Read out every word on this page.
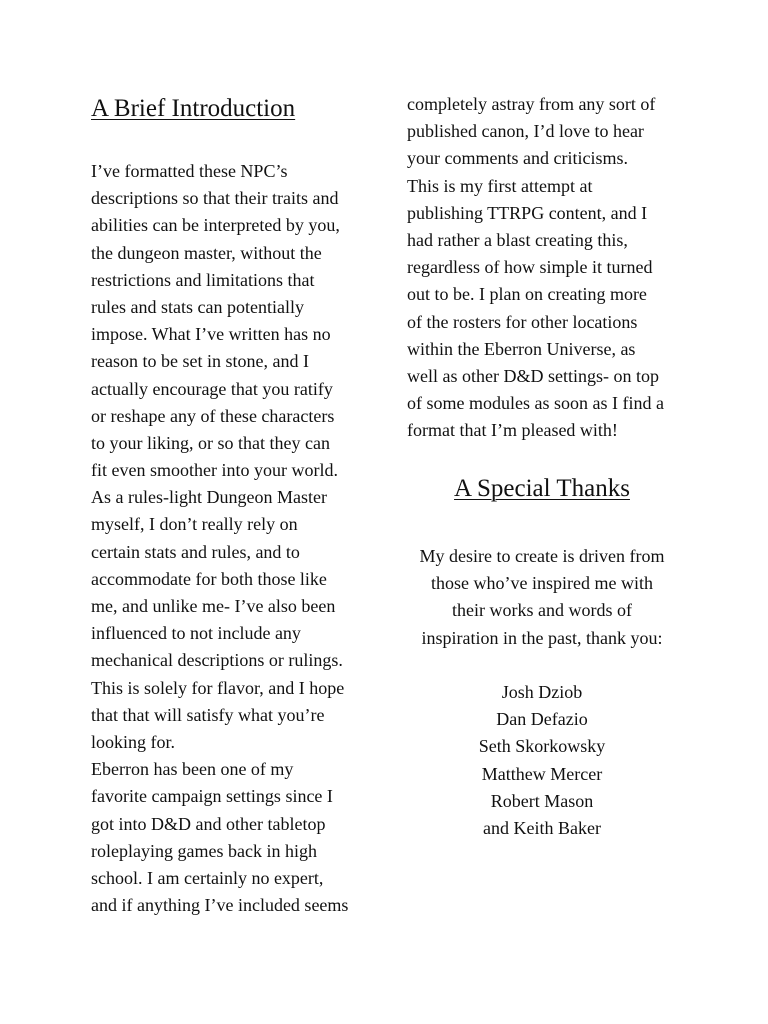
A Brief Introduction
I’ve formatted these NPC’s
descriptions so that their traits and
abilities can be interpreted by you,
the dungeon master, without the
restrictions and limitations that
rules and stats can potentially
impose. What I’ve written has no
reason to be set in stone, and I
actually encourage that you ratify
or reshape any of these characters
to your liking, or so that they can
fit even smoother into your world.
As a rules-light Dungeon Master
myself, I don’t really rely on
certain stats and rules, and to
accommodate for both those like
me, and unlike me- I’ve also been
influenced to not include any
mechanical descriptions or rulings.
This is solely for flavor, and I hope
that that will satisfy what you’re
looking for.
Eberron has been one of my
favorite campaign settings since I
got into D&D and other tabletop
roleplaying games back in high
school. I am certainly no expert,
and if anything I’ve included seems
completely astray from any sort of
published canon, I’d love to hear
your comments and criticisms.
This is my first attempt at
publishing TTRPG content, and I
had rather a blast creating this,
regardless of how simple it turned
out to be. I plan on creating more
of the rosters for other locations
within the Eberron Universe, as
well as other D&D settings- on top
of some modules as soon as I find a
format that I’m pleased with!
A Special Thanks
My desire to create is driven from
those who’ve inspired me with
their works and words of
inspiration in the past, thank you:
Josh Dziob
Dan Defazio
Seth Skorkowsky
Matthew Mercer
Robert Mason
and Keith Baker
